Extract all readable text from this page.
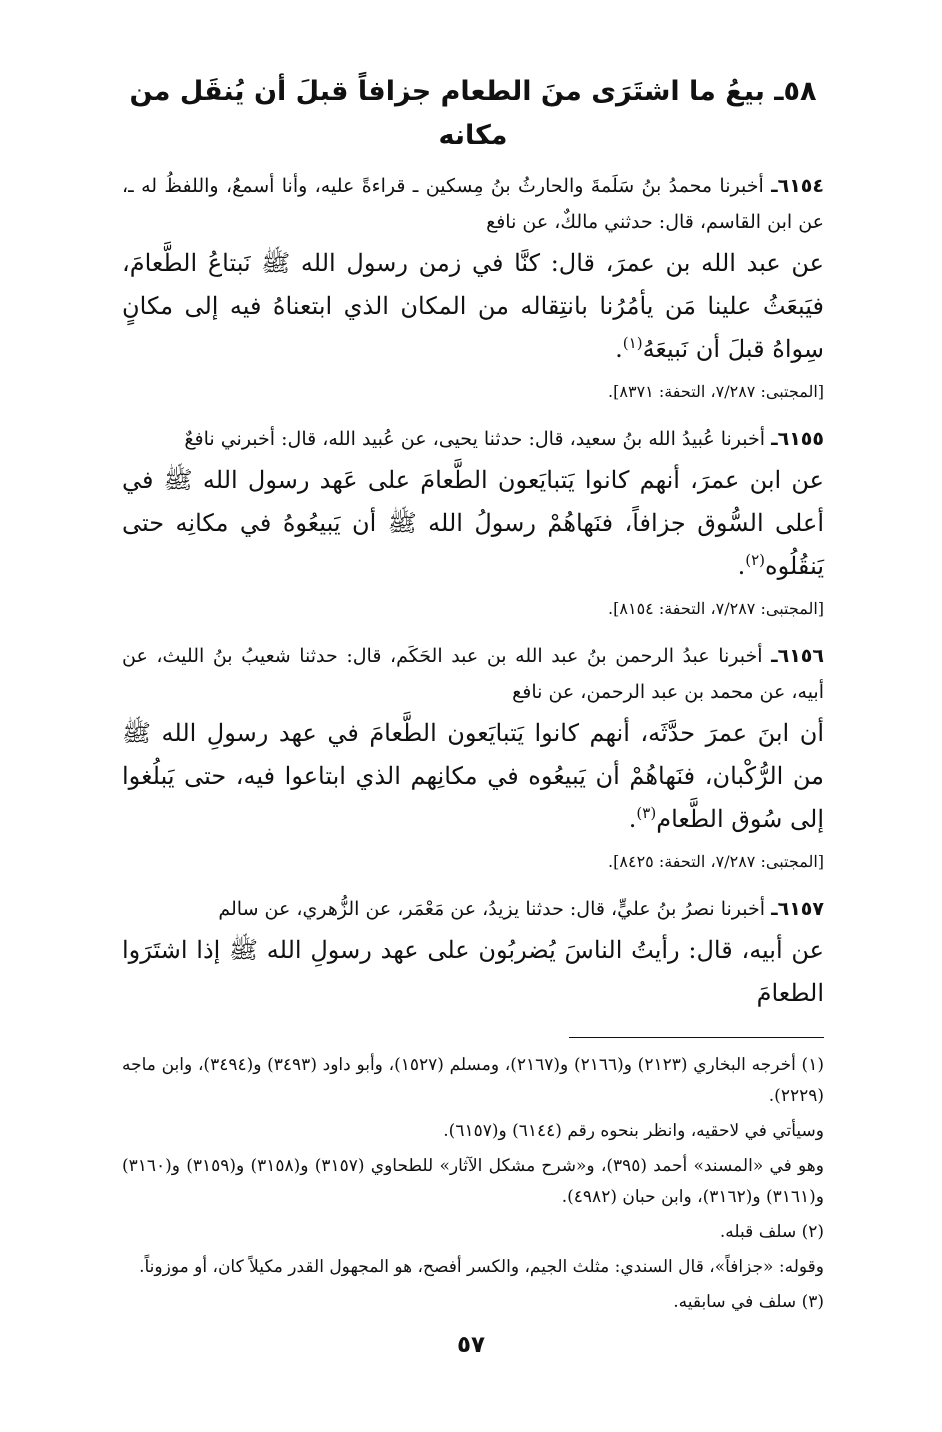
٥٨ـ بيعُ ما اشتَرَى منَ الطعام جزافاً قبلَ أن يُنقَل من مكانه

٦١٥٤ـ أخبرنا محمدُ بنُ سَلَمةَ والحارثُ بنُ مِسكين ـ قراءةً عليه، وأنا أسمعُ، واللفظُ له ـ، عن ابن القاسم، قال: حدثني مالكٌ، عن نافع

عن عبد الله بن عمرَ، قال: كنَّا في زمن رسول الله ﷺ نَبتاعُ الطَّعامَ، فيَبعَثُ علينا مَن يأمُرُنا بانتِقاله من المكان الذي ابتعناهُ فيه إلى مكانٍ سِواهُ قبلَ أن نَبيعَهُ$^{(١)}$.

[المجتبى: ٧/٢٨٧، التحفة: ٨٣٧١].

٦١٥٥ـ أخبرنا عُبيدُ الله بنُ سعيد، قال: حدثنا يحيى، عن عُبيد الله، قال: أخبرني نافعٌ

عن ابن عمرَ، أنهم كانوا يَتبايَعون الطَّعامَ على عَهد رسول الله ﷺ في أعلى السُّوق جزافاً، فنَهاهُمْ رسولُ الله ﷺ أن يَبيعُوهُ في مكانِه حتى يَنقُلُوه$^{(٢)}$.

[المجتبى: ٧/٢٨٧، التحفة: ٨١٥٤].

٦١٥٦ـ أخبرنا عبدُ الرحمن بنُ عبد الله بن عبد الحَكَم، قال: حدثنا شعيبُ بنُ الليث، عن أبيه، عن محمد بن عبد الرحمن، عن نافع

أن ابنَ عمرَ حدَّثَه، أنهم كانوا يَتبايَعون الطَّعامَ في عهد رسولِ الله ﷺ من الرُّكْبان، فنَهاهُمْ أن يَبيعُوه في مكانِهم الذي ابتاعوا فيه، حتى يَبلُغوا إلى سُوق الطَّعام$^{(٣)}$.

[المجتبى: ٧/٢٨٧، التحفة: ٨٤٢٥].

٦١٥٧ـ أخبرنا نصرُ بنُ عليٍّ، قال: حدثنا يزيدُ، عن مَعْمَر، عن الزُّهري، عن سالم

عن أبيه، قال: رأيتُ الناسَ يُضربُون على عهد رسولِ الله ﷺ إذا اشتَرَوا الطعامَ

(١) أخرجه البخاري (٢١٢٣) و(٢١٦٦) و(٢١٦٧)، ومسلم (١٥٢٧)، وأبو داود (٣٤٩٣) و(٣٤٩٤)، وابن ماجه (٢٢٢٩).

وسيأتي في لاحقيه، وانظر بنحوه رقم (٦١٤٤) و(٦١٥٧).

وهو في «المسند» أحمد (٣٩٥)، و«شرح مشكل الآثار» للطحاوي (٣١٥٧) و(٣١٥٨) و(٣١٥٩) و(٣١٦٠) و(٣١٦١) و(٣١٦٢)، وابن حبان (٤٩٨٢).

(٢) سلف قبله.

وقوله: «جزافاً»، قال السندي: مثلث الجيم، والكسر أفصح، هو المجهول القدر مكيلاً كان، أو موزوناً.

(٣) سلف في سابقيه.

٥٧
